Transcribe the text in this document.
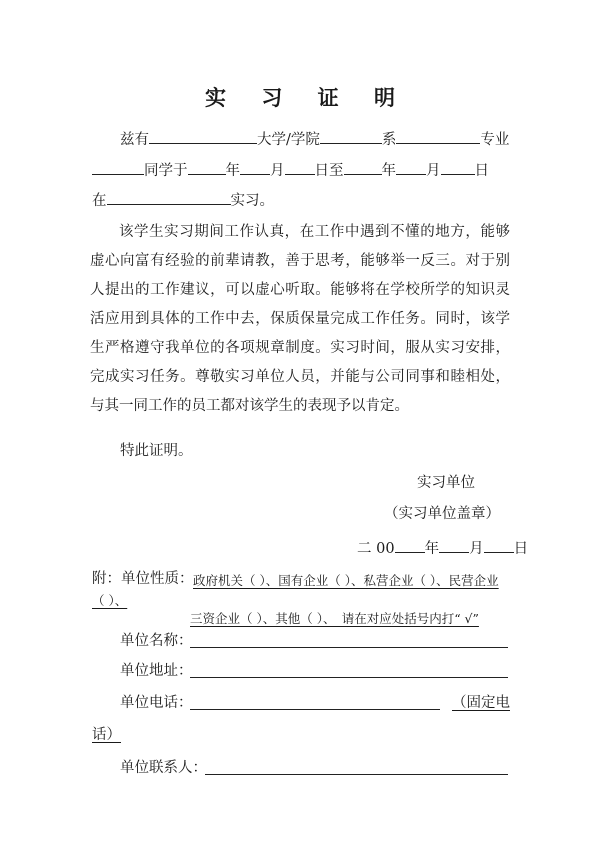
实 习 证 明
兹有	大学/学院	系	专业
同学于	年 月 日至	年 月 日
在	实习。
该学生实习期间工作认真，在工作中遇到不懂的地方，能够虚心向富有经验的前辈请教，善于思考，能够举一反三。对于别人提出的工作建议，可以虚心听取。能够将在学校所学的知识灵活应用到具体的工作中去，保质保量完成工作任务。同时，该学生严格遵守我单位的各项规章制度。实习时间，服从实习安排，完成实习任务。尊敬实习单位人员，并能与公司同事和睦相处，与其一同工作的员工都对该学生的表现予以肯定。
特此证明。
实习单位
（实习单位盖章）
二 00 年 月 日
附：单位性质： 政府机关（ ）、国有企业（ ）、私营企业（ ）、民营企业
（ ）、
三资企业（ ）、其他（ ）、　请在对应处括号内打“ √”
单位名称：
单位地址：
单位电话：	（固定电
话）
单位联系人：
